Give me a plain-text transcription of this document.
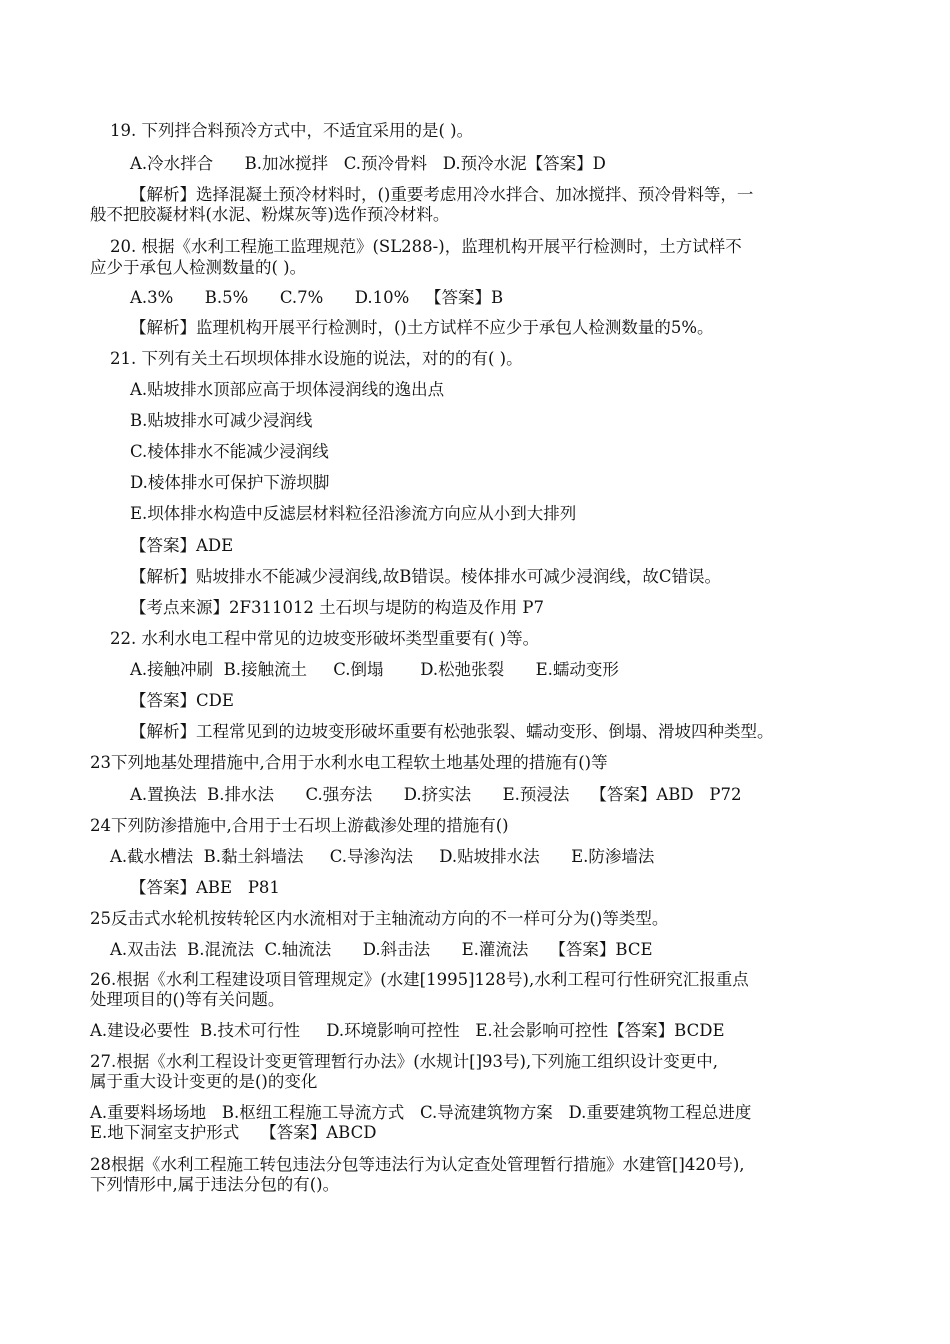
19. 下列拌合料预冷方式中，不适宜采用的是( )。
A.冷水拌合      B.加冰搅拌   C.预冷骨料   D.预冷水泥【答案】D
【解析】选择混凝土预冷材料时，()重要考虑用冷水拌合、加冰搅拌、预冷骨料等，一
般不把胶凝材料(水泥、粉煤灰等)选作预冷材料。
20. 根据《水利工程施工监理规范》(SL288-)，监理机构开展平行检测时，土方试样不
应少于承包人检测数量的( )。
A.3%      B.5%      C.7%      D.10%   【答案】B
【解析】监理机构开展平行检测时，()土方试样不应少于承包人检测数量的5%。
21. 下列有关土石坝坝体排水设施的说法，对的的有( )。
A.贴坡排水顶部应高于坝体浸润线的逸出点
B.贴坡排水可减少浸润线
C.棱体排水不能减少浸润线
D.棱体排水可保护下游坝脚
E.坝体排水构造中反滤层材料粒径沿渗流方向应从小到大排列
【答案】ADE
【解析】贴坡排水不能减少浸润线,故B错误。棱体排水可减少浸润线，故C错误。
【考点来源】2F311012 土石坝与堤防的构造及作用 P7
22. 水利水电工程中常见的边坡变形破坏类型重要有( )等。
A.接触冲刷  B.接触流土     C.倒塌       D.松弛张裂      E.蠕动变形
【答案】CDE
【解析】工程常见到的边坡变形破坏重要有松弛张裂、蠕动变形、倒塌、滑坡四种类型。
23下列地基处理措施中,合用于水利水电工程软土地基处理的措施有()等
A.置换法  B.排水法      C.强夯法      D.挤实法      E.预浸法    【答案】ABD   P72
24下列防渗措施中,合用于士石坝上游截渗处理的措施有()
A.截水槽法  B.黏土斜墙法     C.导渗沟法     D.贴坡排水法      E.防渗墙法
【答案】ABE   P81
25反击式水轮机按转轮区内水流相对于主轴流动方向的不一样可分为()等类型。
A.双击法  B.混流法  C.轴流法      D.斜击法      E.灌流法    【答案】BCE
26.根据《水利工程建设项目管理规定》(水建[1995]128号),水利工程可行性研究汇报重点
处理项目的()等有关问题。
A.建设必要性  B.技术可行性     D.环境影响可控性   E.社会影响可控性【答案】BCDE
27.根据《水利工程设计变更管理暂行办法》(水规计[]93号),下列施工组织设计变更中,
属于重大设计变更的是()的变化
A.重要料场场地   B.枢纽工程施工导流方式   C.导流建筑物方案   D.重要建筑物工程总进度
E.地下洞室支护形式    【答案】ABCD
28根据《水利工程施工转包违法分包等违法行为认定查处管理暂行措施》水建管[]420号),
下列情形中,属于违法分包的有()。
